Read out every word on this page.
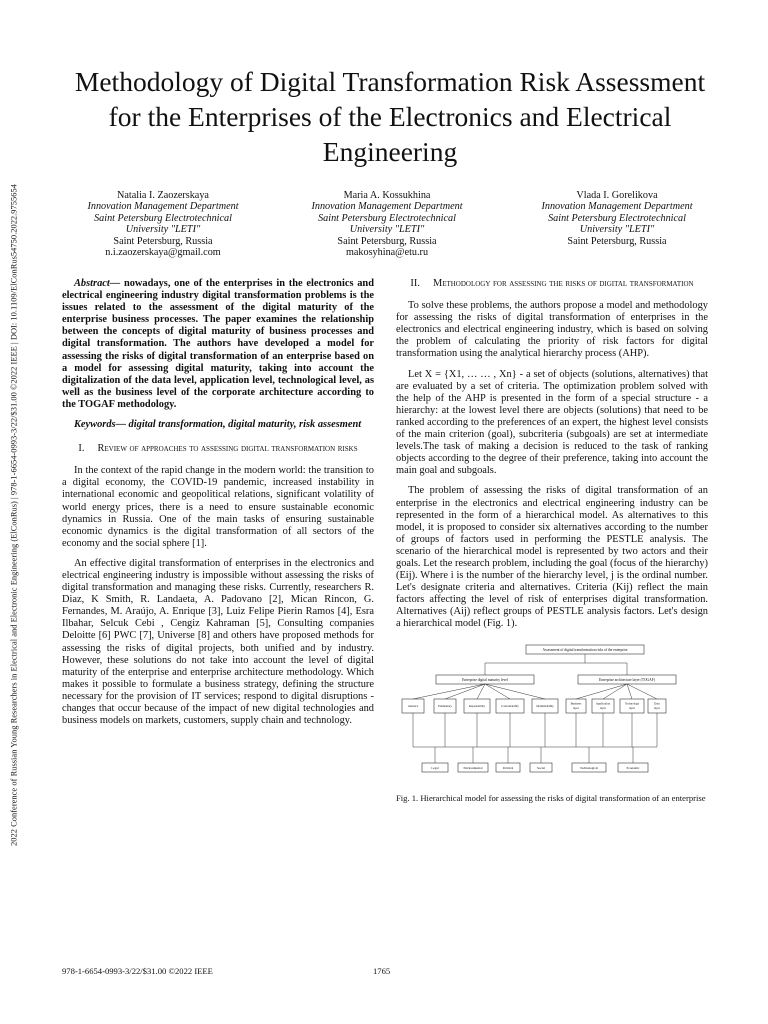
2022 Conference of Russian Young Researchers in Electrical and Electronic Engineering (ElConRus) | 978-1-6654-0993-3/22/$31.00 ©2022 IEEE | DOI: 10.1109/ElConRus54750.2022.9755654
Methodology of Digital Transformation Risk Assessment for the Enterprises of the Electronics and Electrical Engineering
Natalia I. Zaozerskaya
Innovation Management Department
Saint Petersburg Electrotechnical
University "LETI"
Saint Petersburg, Russia
n.i.zaozerskaya@gmail.com
Maria A. Kossukhina
Innovation Management Department
Saint Petersburg Electrotechnical
University "LETI"
Saint Petersburg, Russia
makosyhina@etu.ru
Vlada I. Gorelikova
Innovation Management Department
Saint Petersburg Electrotechnical
University "LETI"
Saint Petersburg, Russia

Abstract— nowadays, one of the enterprises in the electronics and electrical engineering industry digital transformation problems is the issues related to the assessment of the digital maturity of the enterprise business processes. The paper examines the relationship between the concepts of digital maturity of business processes and digital transformation. The authors have developed a model for assessing the risks of digital transformation of an enterprise based on a model for assessing digital maturity, taking into account the digitalization of the data level, application level, technological level, as well as the business level of the corporate architecture according to the TOGAF methodology.

Keywords— digital transformation, digital maturity, risk assesment

I. Review of approaches to assessing digital transformation risks

In the context of the rapid change in the modern world: the transition to a digital economy, the COVID-19 pandemic, increased instability in international economic and geopolitical relations, significant volatility of world energy prices, there is a need to ensure sustainable economic dynamics in Russia. One of the main tasks of ensuring sustainable economic dynamics is the digital transformation of all sectors of the economy and the social sphere [1].

An effective digital transformation of enterprises in the electronics and electrical engineering industry is impossible without assessing the risks of digital transformation and managing these risks. Currently, researchers R. Diaz, K Smith, R. Landaeta, A. Padovano [2], Mican Rincon, G. Fernandes, M. Araújo, A. Enrique [3], Luiz Felipe Pierin Ramos [4], Esra Ilbahar, Selcuk Cebi , Cengiz Kahraman [5], Consulting companies Deloitte [6] PWC [7], Universe [8] and others have proposed methods for assessing the risks of digital projects, both unified and by industry. However, these solutions do not take into account the level of digital maturity of the enterprise and enterprise architecture methodology. Which makes it possible to formulate a business strategy, defining the structure necessary for the provision of IT services; respond to digital disruptions - changes that occur because of the impact of new digital technologies and business models on markets, customers, supply chain and technology.

II. Methodology for assessing the risks of digital transformation

To solve these problems, the authors propose a model and methodology for assessing the risks of digital transformation of enterprises in the electronics and electrical engineering industry, which is based on solving the problem of calculating the priority of risk factors for digital transformation using the analytical hierarchy process (AHP).

Let X = {X1, … … , Xn} - a set of objects (solutions, alternatives) that are evaluated by a set of criteria. The optimization problem solved with the help of the AHP is presented in the form of a special structure - a hierarchy: at the lowest level there are objects (solutions) that need to be ranked according to the preferences of an expert, the highest level consists of the main criterion (goal), subcriteria (subgoals) are set at intermediate levels.The task of making a decision is reduced to the task of ranking objects according to the degree of their preference, taking into account the main goal and subgoals.

The problem of assessing the risks of digital transformation of an enterprise in the electronics and electrical engineering industry can be represented in the form of a hierarchical model. As alternatives to this model, it is proposed to consider six alternatives according to the number of groups of factors used in performing the PESTLE analysis. The scenario of the hierarchical model is represented by two actors and their goals. Let the research problem, including the goal (focus of the hierarchy) (Eij). Where i is the number of the hierarchy level, j is the ordinal number. Let's designate criteria and alternatives. Criteria (Kij) reflect the main factors affecting the level of risk of enterprises digital transformation. Alternatives (Aij) reflect groups of PESTLE analysis factors. Let's design a hierarchical model (Fig. 1).

Assessment of digital transformation risks of the enterprise
Enterprise digital maturity level	Enterprise architecture layer (TOGAF)
Absence	Elementary	Repeatability	Controllability	Optimizability
Business
layer
Application
layer
Technology
layer
Data
layer
Legal	Environmental	Political	Social	Technological	Economic

Fig. 1. Hierarchical model for assessing the risks of digital transformation of an enterprise

978-1-6654-0993-3/22/$31.00 ©2022 IEEE	1765
